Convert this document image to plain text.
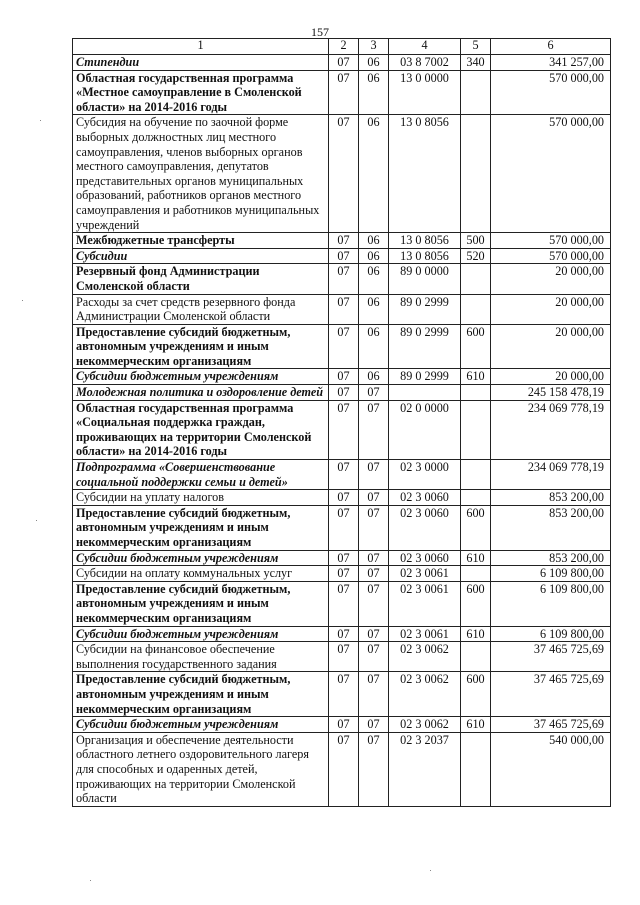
157
1	2	3	4	5	6
Стипендии	07	06	03 8 7002	340	341 257,00
Областная государственная программа «Местное самоуправление в Смоленской области» на 2014-2016 годы	07	06	13 0 0000		570 000,00
Субсидия на обучение по заочной форме выборных должностных лиц местного самоуправления, членов выборных органов местного самоуправления, депутатов представительных органов муниципальных образований, работников органов местного самоуправления и работников муниципальных учреждений	07	06	13 0 8056		570 000,00
Межбюджетные трансферты	07	06	13 0 8056	500	570 000,00
Субсидии	07	06	13 0 8056	520	570 000,00
Резервный фонд Администрации Смоленской области	07	06	89 0 0000		20 000,00
Расходы за счет средств резервного фонда Администрации Смоленской области	07	06	89 0 2999		20 000,00
Предоставление субсидий бюджетным, автономным учреждениям и иным некоммерческим организациям	07	06	89 0 2999	600	20 000,00
Субсидии бюджетным учреждениям	07	06	89 0 2999	610	20 000,00
Молодежная политика и оздоровление детей	07	07			245 158 478,19
Областная государственная программа «Социальная поддержка граждан, проживающих на территории Смоленской области» на 2014-2016 годы	07	07	02 0 0000		234 069 778,19
Подпрограмма «Совершенствование социальной поддержки семьи и детей»	07	07	02 3 0000		234 069 778,19
Субсидии на уплату налогов	07	07	02 3 0060		853 200,00
Предоставление субсидий бюджетным, автономным учреждениям и иным некоммерческим организациям	07	07	02 3 0060	600	853 200,00
Субсидии бюджетным учреждениям	07	07	02 3 0060	610	853 200,00
Субсидии на оплату коммунальных услуг	07	07	02 3 0061		6 109 800,00
Предоставление субсидий бюджетным, автономным учреждениям и иным некоммерческим организациям	07	07	02 3 0061	600	6 109 800,00
Субсидии бюджетным учреждениям	07	07	02 3 0061	610	6 109 800,00
Субсидии на финансовое обеспечение выполнения государственного задания	07	07	02 3 0062		37 465 725,69
Предоставление субсидий бюджетным, автономным учреждениям и иным некоммерческим организациям	07	07	02 3 0062	600	37 465 725,69
Субсидии бюджетным учреждениям	07	07	02 3 0062	610	37 465 725,69
Организация и обеспечение деятельности областного летнего оздоровительного лагеря для способных и одаренных детей, проживающих на территории Смоленской области	07	07	02 3 2037		540 000,00
